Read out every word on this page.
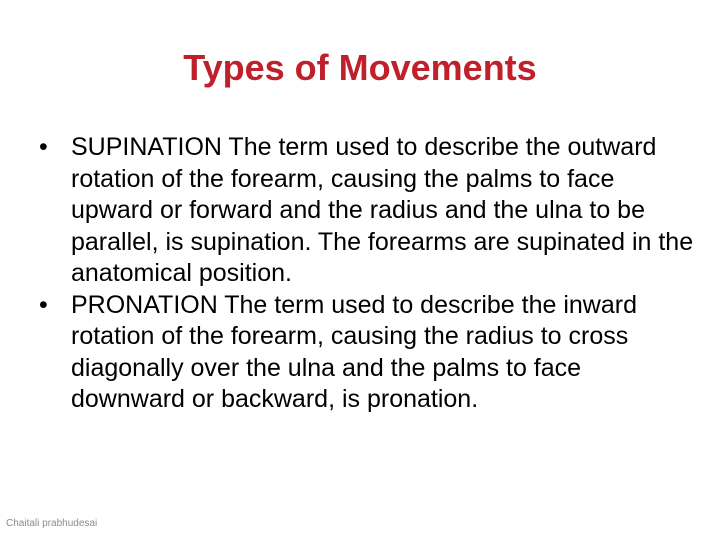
Types of Movements
• SUPINATION The term used to describe the outward rotation of the forearm, causing the palms to face upward or forward and the radius and the ulna to be parallel, is supination. The forearms are supinated in the anatomical position.
• PRONATION The term used to describe the inward rotation of the forearm, causing the radius to cross diagonally over the ulna and the palms to face downward or backward, is pronation.
Chaitali prabhudesai
